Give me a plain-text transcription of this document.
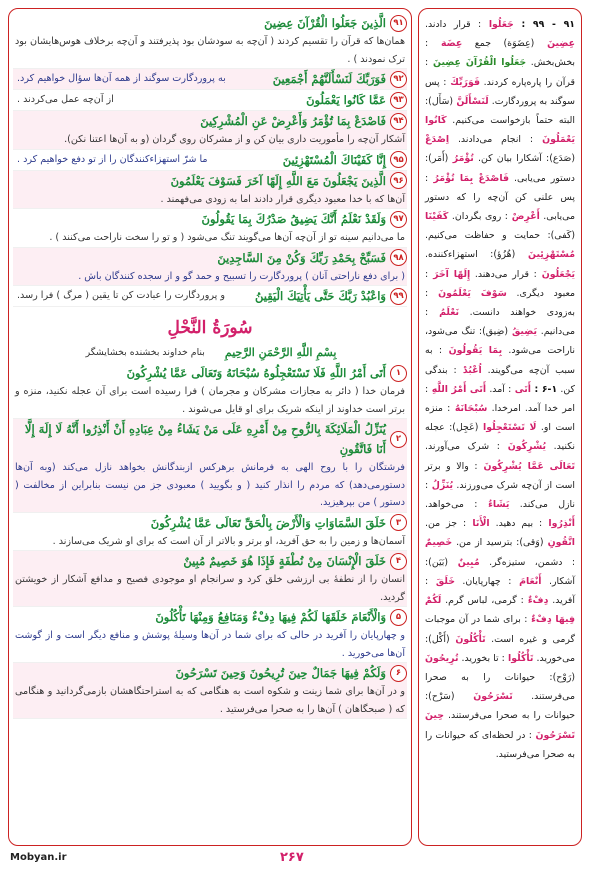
۹۱ - ۹۹ : جَعَلُوا : قرار دادند. عِضِينَ (عِضَوَة) جمع عِضَة : بخش‌بخش. جَعَلُوا الْقُرْآنَ عِضِينَ : قرآن را پاره‌پاره کردند. فَوَرَبِّكَ : پس سوگند به پروردگارت. لَنَسْأَلَنَّ (سَأَل): البته حتماً بازخواست می‌کنیم. كَانُوا يَعْمَلُونَ : انجام می‌دادند. اِصْدَعْ (صَدَع): آشکارا بیان کن. تُؤْمَرُ (أَمَر): دستور می‌یابی. فَاصْدَعْ بِمَا تُؤْمَرُ : پس علنی کن آن‌چه را که دستور می‌یابی. أَعْرِضْ : روی بگردان. كَفَيْنَا (كَفى): حمایت و حفاظت می‌کنیم. مُسْتَهْزِئِينَ (هُزُؤ): استهزاءکننده. يَجْعَلُونَ : قرار می‌دهند. إِلَهًا آخَرَ : معبود دیگری. سَوْفَ يَعْلَمُونَ : به‌زودی خواهند دانست. نَعْلَمُ : می‌دانیم. يَضِيقُ (ضِيق): تنگ می‌شود، ناراحت می‌شود. بِمَا يَقُولُونَ : به سبب آن‌چه می‌گویند. اُعْبُدْ : بندگی کن. ۱-۶ : أَتَى : آمد. أَتَى أَمْرُ اللَّهِ : امر خدا آمد. امرخدا. سُبْحَانَهُ : منزه است او. لَا تَسْتَعْجِلُوا (عَجِل): عجله نکنید. يُشْرِكُونَ : شرک می‌آورند. تَعَالَى عَمَّا يُشْرِكُونَ : والا و برتر است از آن‌چه شرک می‌ورزند. يُنَزِّلُ : نازل می‌کند. يَشَاءُ : می‌خواهد. أَنْذِرُوا : بیم دهید. الْأَنَا : جز من. اتَّقُونِ (وَقى): بترسید از من. خَصِيمٌ : دشمن، ستیزه‌گر. مُبِينٌ (بَيَن): آشکار. أَنْعَامَ : چهارپایان. خَلَقَ : آفرید. دِفْءٌ : گرمی، لباس گرم. لَكُمْ فِيهَا دِفْءٌ : برای شما در آن موجبات گرمی و غیره است. تَأْكُلُونَ (أَكْل): می‌خورید. تَأْكُلُوا : تا بخورید. تُرِيحُونَ (رَوْح): حیوانات را به صحرا می‌فرستند. تَسْرَحُونَ (سَرْح): حیوانات را به صحرا می‌فرستند. حِينَ تَسْرَحُونَ : در لحظه‌ای که حیوانات را به صحرا می‌فرستید.
۹۱
الَّذِينَ جَعَلُوا الْقُرْآنَ عِضِينَ
همان‌ها که قرآن را تقسیم کردند ( آن‌چه به سودشان بود پذیرفتند و آن‌چه برخلاف هوس‌هایشان بود ترک نمودند ) .
۹۲
فَوَرَبِّكَ لَنَسْأَلَنَّهُمْ أَجْمَعِينَ
به پروردگارت سوگند از همه آن‌ها سؤال خواهیم کرد.
۹۳
عَمَّا كَانُوا يَعْمَلُونَ
از آن‌چه عمل می‌کردند .
۹۴
فَاصْدَعْ بِمَا تُؤْمَرُ وَأَعْرِضْ عَنِ الْمُشْرِكِينَ
آشکار آن‌چه را مأموریت داری بیان کن و از مشرکان روی گردان (و به آن‌ها اعتنا نکن).
۹۵
إِنَّا كَفَيْنَاكَ الْمُسْتَهْزِئِينَ
ما شرّ استهزاءکنندگان را از تو دفع خواهیم کرد .
۹۶
الَّذِينَ يَجْعَلُونَ مَعَ اللَّهِ إِلَهًا آخَرَ فَسَوْفَ يَعْلَمُونَ
آن‌ها که با خدا معبود دیگری قرار دادند اما به زودی می‌فهمند .
۹۷
وَلَقَدْ نَعْلَمُ أَنَّكَ يَضِيقُ صَدْرُكَ بِمَا يَقُولُونَ
ما می‌دانیم سینه تو از آن‌چه آن‌ها می‌گویند تنگ می‌شود ( و تو را سخت ناراحت می‌کنند ) .
۹۸
فَسَبِّحْ بِحَمْدِ رَبِّكَ وَكُنْ مِنَ السَّاجِدِينَ
( برای دفع ناراحتی آنان ) پروردگارت را تسبیح و حمد گو و از سجده کنندگان باش .
۹۹
وَاعْبُدْ رَبَّكَ حَتَّى يَأْتِيَكَ الْيَقِينُ
و پروردگارت را عبادت کن تا یقین ( مرگ ) فرا رسد.
سُورَةُ النَّحْلِ
بِسْمِ اللَّهِ الرَّحْمَنِ الرَّحِيمِ
بنام خداوند بخشنده بخشایشگر
۱
أَتَى أَمْرُ اللَّهِ فَلَا تَسْتَعْجِلُوهُ سُبْحَانَهُ وَتَعَالَى عَمَّا يُشْرِكُونَ
فرمان خدا ( دائر به مجازات مشرکان و مجرمان ) فرا رسیده است برای آن عجله نکنید، منزه و برتر است خداوند از اینکه شریک برای او قایل می‌شوند .
۲
يُنَزِّلُ الْمَلَائِكَةَ بِالرُّوحِ مِنْ أَمْرِهِ عَلَى مَنْ يَشَاءُ مِنْ عِبَادِهِ أَنْ أَنْذِرُوا أَنَّهُ لَا إِلَهَ إِلَّا أَنَا فَاتَّقُونِ
فرشتگان را با روح الهی به فرمانش برهرکس ازبندگانش بخواهد نازل می‌کند (وبه آن‌ها دستورمی‌دهد) که مردم را انذار کنید ( و بگویید ) معبودی جز من نیست بنابراین از مخالفت ( دستور ) من بپرهیزید.
۳
خَلَقَ السَّمَاوَاتِ وَالْأَرْضَ بِالْحَقِّ تَعَالَى عَمَّا يُشْرِكُونَ
آسمان‌ها و زمین را به حق آفرید، او برتر و بالاتر از آن است که برای او شریک می‌سازند .
۴
خَلَقَ الْإِنْسَانَ مِنْ نُطْفَةٍ فَإِذَا هُوَ خَصِيمٌ مُبِينٌ
انسان را از نطفهٔ بی ارزشی خلق کرد و سرانجام او موجودی فصیح و مدافع آشکار از خویشتن گردید.
۵
وَالْأَنْعَامَ خَلَقَهَا لَكُمْ فِيهَا دِفْءٌ وَمَنَافِعُ وَمِنْهَا تَأْكُلُونَ
و چهارپایان را آفرید در حالی که برای شما در آن‌ها وسیلهٔ پوشش و منافع دیگر است و از گوشت آن‌ها می‌خورید .
۶
وَلَكُمْ فِيهَا جَمَالٌ حِينَ تُرِيحُونَ وَحِينَ تَسْرَحُونَ
و در آن‌ها برای شما زینت و شکوه است به هنگامی که به استراحتگاهشان بازمی‌گردانید و هنگامی که ( صبحگاهان ) آن‌ها را به صحرا می‌فرستید .
Mobyan.ir	۲۶۷
